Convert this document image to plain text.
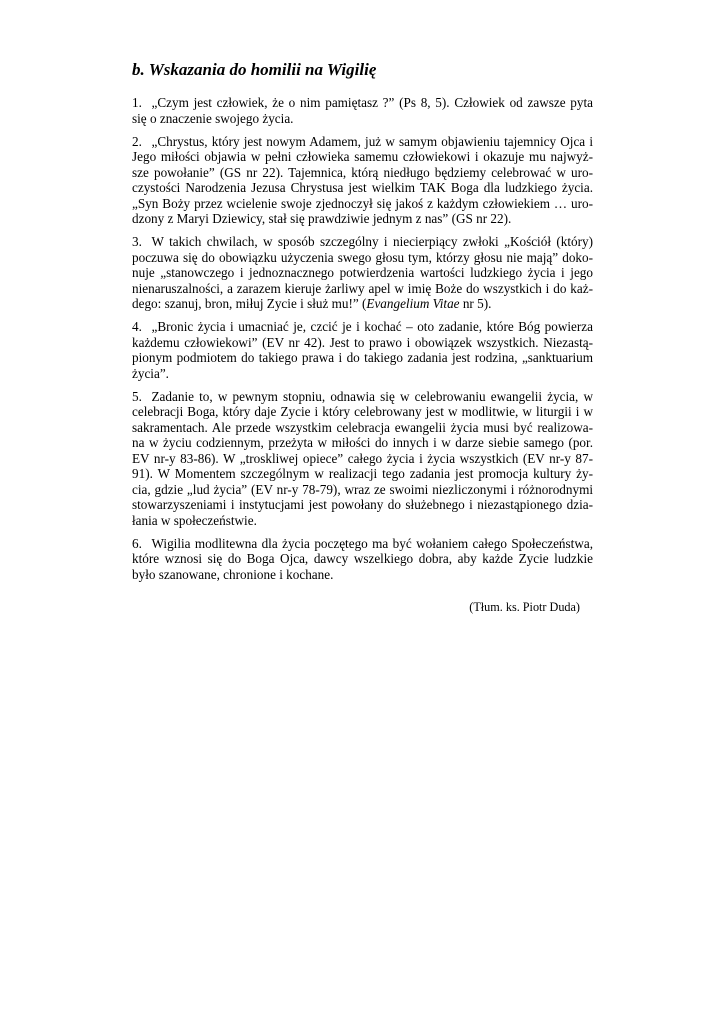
b. Wskazania do homilii na Wigilię
1. „Czym jest człowiek, że o nim pamiętasz ?” (Ps 8, 5). Człowiek od zawsze pyta
się o znaczenie swojego życia.
2. „Chrystus, który jest nowym Adamem, już w samym objawieniu tajemnicy Ojca i
Jego miłości objawia w pełni człowieka samemu człowiekowi i okazuje mu najwyż-
sze powołanie” (GS nr 22). Tajemnica, którą niedługo będziemy celebrować w uro-
czystości Narodzenia Jezusa Chrystusa jest wielkim TAK Boga dla ludzkiego życia.
„Syn Boży przez wcielenie swoje zjednoczył się jakoś z każdym człowiekiem … uro-
dzony z Maryi Dziewicy, stał się prawdziwie jednym z nas” (GS nr 22).
3. W takich chwilach, w sposób szczególny i niecierpiący zwłoki „Kościół (który)
poczuwa się do obowiązku użyczenia swego głosu tym, którzy głosu nie mają” doko-
nuje „stanowczego i jednoznacznego potwierdzenia wartości ludzkiego życia i jego
nienaruszalności, a zarazem kieruje żarliwy apel w imię Boże do wszystkich i do każ-
dego: szanuj, bron, miłuj Zycie i służ mu!” (Evangelium Vitae nr 5).
4. „Bronic życia i umacniać je, czcić je i kochać – oto zadanie, które Bóg powierza
każdemu człowiekowi” (EV nr 42). Jest to prawo i obowiązek wszystkich. Niezastą-
pionym podmiotem do takiego prawa i do takiego zadania jest rodzina, „sanktuarium
życia”.
5. Zadanie to, w pewnym stopniu, odnawia się w celebrowaniu ewangelii życia, w
celebracji Boga, który daje Zycie i który celebrowany jest w modlitwie, w liturgii i w
sakramentach. Ale przede wszystkim celebracja ewangelii życia musi być realizowa-
na w życiu codziennym, przeżyta w miłości do innych i w darze siebie samego (por.
EV nr-y 83-86). W „troskliwej opiece” całego życia i życia wszystkich (EV nr-y 87-
91). W Momentem szczególnym w realizacji tego zadania jest promocja kultury ży-
cia, gdzie „lud życia” (EV nr-y 78-79), wraz ze swoimi niezliczonymi i różnorodnymi
stowarzyszeniami i instytucjami jest powołany do służebnego i niezastąpionego dzia-
łania w społeczeństwie.
6. Wigilia modlitewna dla życia poczętego ma być wołaniem całego Społeczeństwa,
które wznosi się do Boga Ojca, dawcy wszelkiego dobra, aby każde Zycie ludzkie
było szanowane, chronione i kochane.
(Tłum. ks. Piotr Duda)
